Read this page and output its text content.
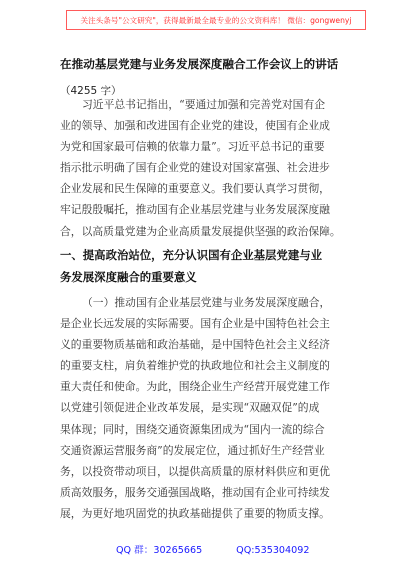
关注头条号"公文研究"，获得最新最全最专业的公文资料库！ 微信：gongwenyj
在推动基层党建与业务发展深度融合工作会议上的讲话
（4255 字）
习近平总书记指出，“要通过加强和完善党对国有企
业的领导、加强和改进国有企业党的建设，使国有企业成
为党和国家最可信赖的依靠力量”。习近平总书记的重要
指示批示明确了国有企业党的建设对国家富强、社会进步
企业发展和民生保障的重要意义。我们要认真学习贯彻，
牢记殷殷嘱托，推动国有企业基层党建与业务发展深度融
合，以高质量党建为企业高质量发展提供坚强的政治保障。
一、提高政治站位，充分认识国有企业基层党建与业
务发展深度融合的重要意义
（一）推动国有企业基层党建与业务发展深度融合，
是企业长远发展的实际需要。国有企业是中国特色社会主
义的重要物质基础和政治基础，是中国特色社会主义经济
的重要支柱，肩负着维护党的执政地位和社会主义制度的
重大责任和使命。为此，围绕企业生产经营开展党建工作
以党建引领促进企业改革发展，是实现“双融双促”的成
果体现；同时，围绕交通资源集团成为“国内一流的综合
交通资源运营服务商”的发展定位，通过抓好生产经营业
务，以投资带动项目，以提供高质量的原材料供应和更优
质高效服务，服务交通强国战略，推动国有企业可持续发
展，为更好地巩固党的执政基础提供了重要的物质支撑。
QQ 群：30265665	QQ:535304092
